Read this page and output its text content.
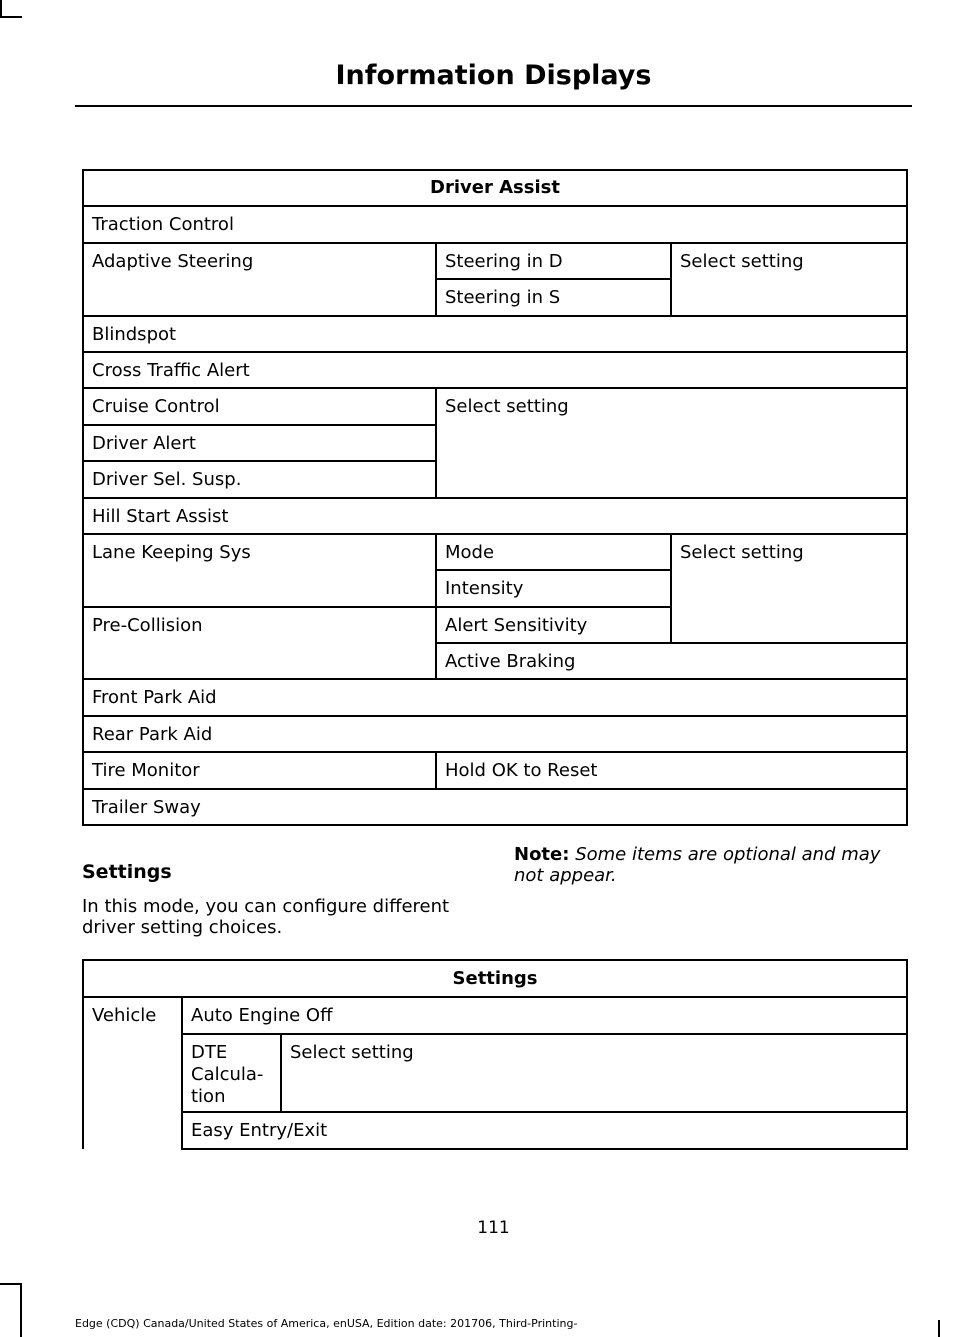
Information Displays
Driver Assist		
Traction Control		
Adaptive Steering	Steering in D	Select setting
	Steering in S	
Blindspot		
Cross Traffic Alert		
Cruise Control	Select setting	
Driver Alert		
Driver Sel. Susp.		
Hill Start Assist		
Lane Keeping Sys	Mode	Select setting
	Intensity	
Pre-Collision	Alert Sensitivity	
	Active Braking	
Front Park Aid		
Rear Park Aid		
Tire Monitor	Hold OK to Reset	
Trailer Sway		
Settings
In this mode, you can configure different driver setting choices.
Note: Some items are optional and may not appear.
Settings		
Vehicle	Auto Engine Off	
	DTE Calcula-tion	Select setting
	Easy Entry/Exit	
111
Edge (CDQ) Canada/United States of America, enUSA, Edition date: 201706, Third-Printing-
